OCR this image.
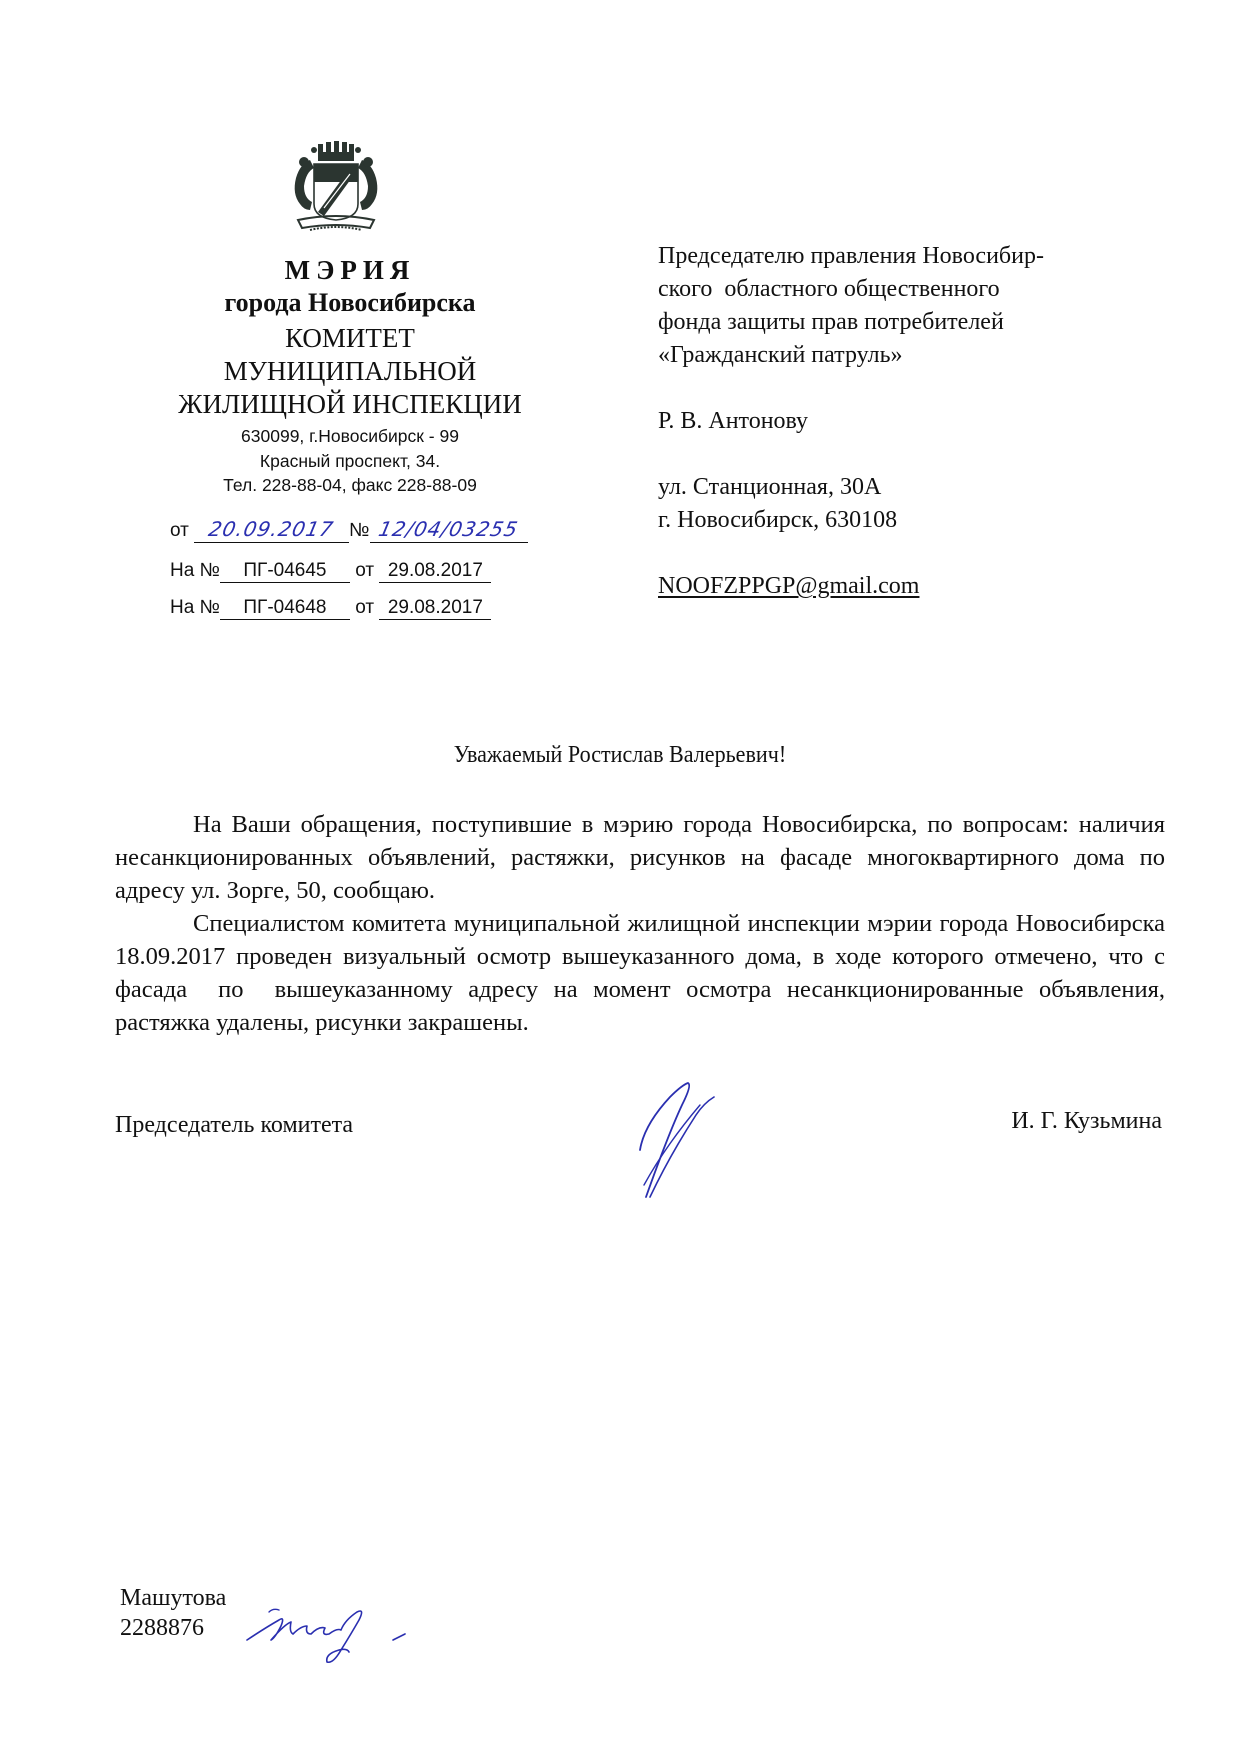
МЭРИЯ
города Новосибирска
КОМИТЕТ
МУНИЦИПАЛЬНОЙ
ЖИЛИЩНОЙ ИНСПЕКЦИИ
630099, г.Новосибирск - 99
Красный проспект, 34.
Тел. 228-88-04, факс 228-88-09
от 20.09.2017 № 12/04/03255
На № ПГ-04645 от 29.08.2017
На № ПГ-04648 от 29.08.2017
Председателю правления Новосибир-
ского  областного общественного
фонда защиты прав потребителей
«Гражданский патруль»
Р. В. Антонову
ул. Станционная, 30А
г. Новосибирск, 630108
NOOFZPPGP@gmail.com
Уважаемый Ростислав Валерьевич!

На Ваши обращения, поступившие в мэрию города Новосибирска, по вопросам: наличия несанкционированных объявлений, растяжки, рисунков на фасаде многоквартирного дома по адресу ул. Зорге, 50, сообщаю.

Специалистом комитета муниципальной жилищной инспекции мэрии города Новосибирска 18.09.2017 проведен визуальный осмотр вышеуказанного дома, в ходе которого отмечено, что с фасада  по  вышеуказанному адресу на момент осмотра несанкционированные объявления, растяжка удалены, рисунки закрашены.

Председатель комитета	И. Г. Кузьмина
Машутова
2288876
